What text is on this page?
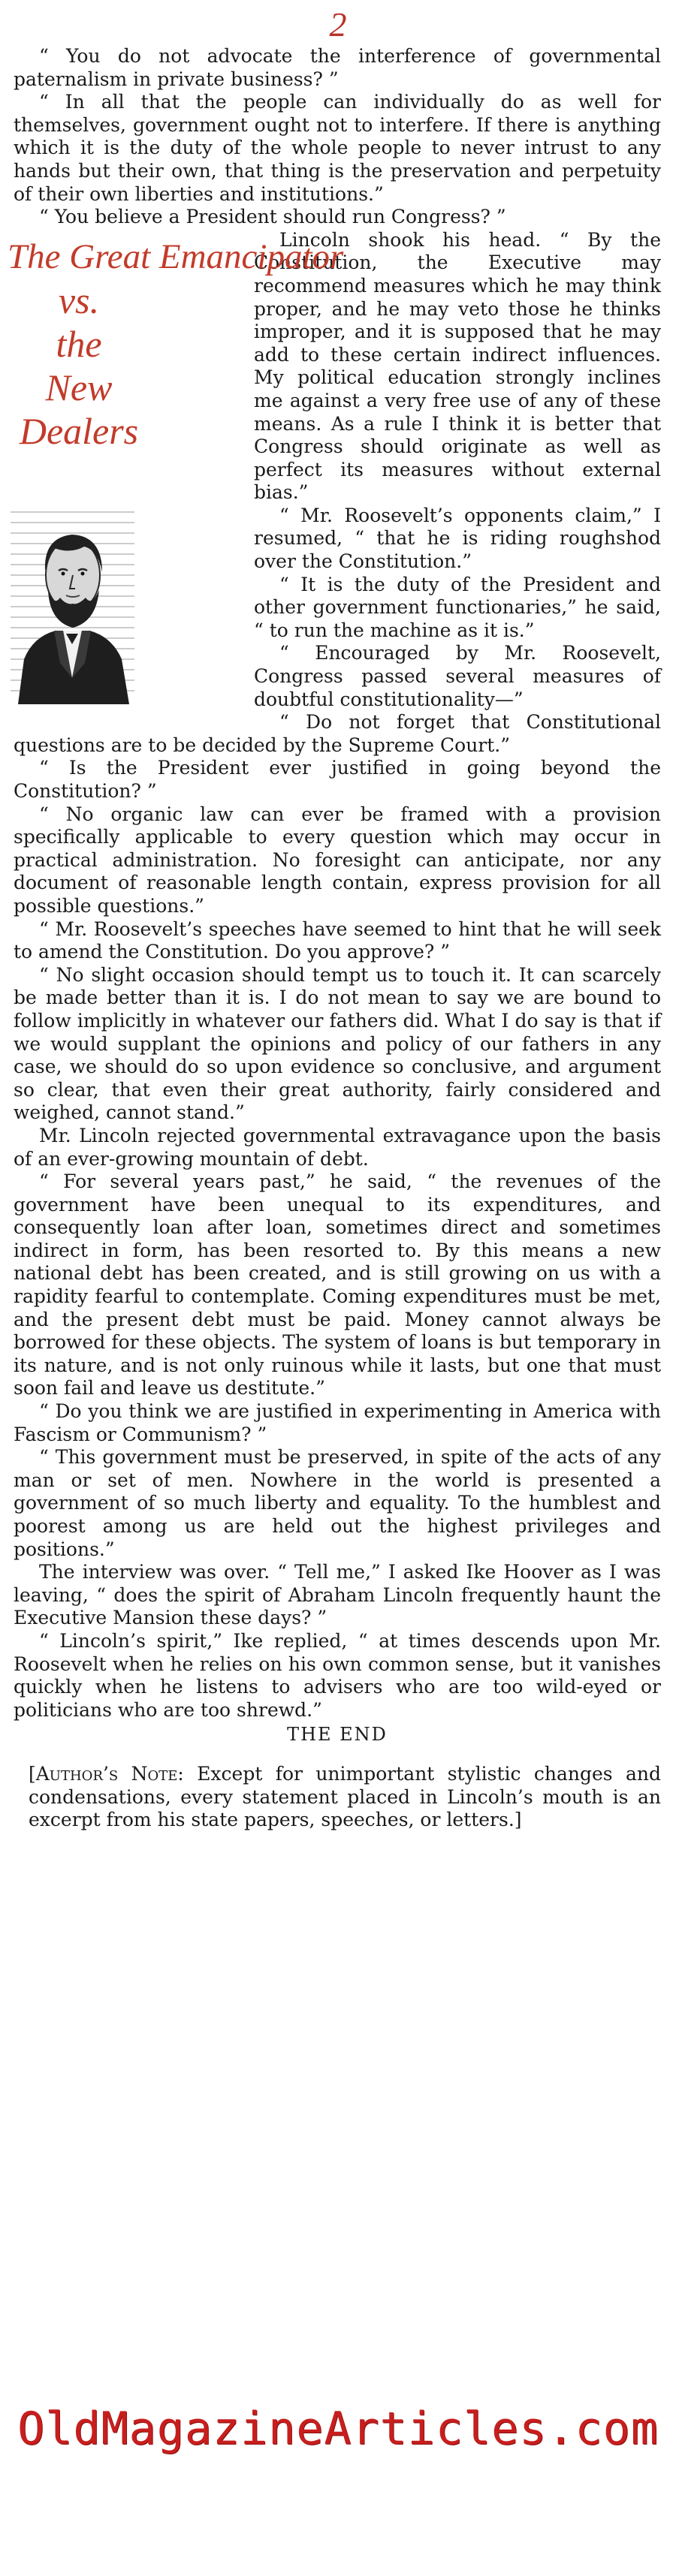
2

“ You do not advocate the interference of governmental paternalism in private business? ”

“ In all that the people can individually do as well for themselves, government ought not to interfere. If there is anything which it is the duty of the whole people to never intrust to any hands but their own, that thing is the preservation and perpetuity of their own liberties and institutions.”

“ You believe a President should run Congress? ”

The Great Emancipator
vs.
the
New
Dealers

Lincoln shook his head. “ By the Constitution, the Executive may recommend measures which he may think proper, and he may veto those he thinks improper, and it is supposed that he may add to these certain indirect influences. My political education strongly inclines me against a very free use of any of these means. As a rule I think it is better that Congress should originate as well as perfect its measures without external bias.”

“ Mr. Roosevelt’s opponents claim,” I resumed, “ that he is riding roughshod over the Constitution.”

“ It is the duty of the President and other government functionaries,” he said, “ to run the machine as it is.”

“ Encouraged by Mr. Roosevelt, Congress passed several measures of doubtful constitutionality—”

“ Do not forget that Constitutional questions are to be decided by the Supreme Court.”

“ Is the President ever justified in going beyond the Constitution? ”

“ No organic law can ever be framed with a provision specifically applicable to every question which may occur in practical administration. No foresight can anticipate, nor any document of reasonable length contain, express provision for all possible questions.”

“ Mr. Roosevelt’s speeches have seemed to hint that he will seek to amend the Constitution. Do you approve? ”

“ No slight occasion should tempt us to touch it. It can scarcely be made better than it is. I do not mean to say we are bound to follow implicitly in whatever our fathers did. What I do say is that if we would supplant the opinions and policy of our fathers in any case, we should do so upon evidence so conclusive, and argument so clear, that even their great authority, fairly considered and weighed, cannot stand.”

Mr. Lincoln rejected governmental extravagance upon the basis of an ever-growing mountain of debt.

“ For several years past,” he said, “ the revenues of the government have been unequal to its expenditures, and consequently loan after loan, sometimes direct and sometimes indirect in form, has been resorted to. By this means a new national debt has been created, and is still growing on us with a rapidity fearful to contemplate. Coming expenditures must be met, and the present debt must be paid. Money cannot always be borrowed for these objects. The system of loans is but temporary in its nature, and is not only ruinous while it lasts, but one that must soon fail and leave us destitute.”

“ Do you think we are justified in experimenting in America with Fascism or Communism? ”

“ This government must be preserved, in spite of the acts of any man or set of men. Nowhere in the world is presented a government of so much liberty and equality. To the humblest and poorest among us are held out the highest privileges and positions.”

The interview was over. “ Tell me,” I asked Ike Hoover as I was leaving, “ does the spirit of Abraham Lincoln frequently haunt the Executive Mansion these days? ”

“ Lincoln’s spirit,” Ike replied, “ at times descends upon Mr. Roosevelt when he relies on his own common sense, but it vanishes quickly when he listens to advisers who are too wild-eyed or politicians who are too shrewd.”

THE END

[Author’s Note: Except for unimportant stylistic changes and condensations, every statement placed in Lincoln’s mouth is an excerpt from his state papers, speeches, or letters.]

OldMagazineArticles.com
